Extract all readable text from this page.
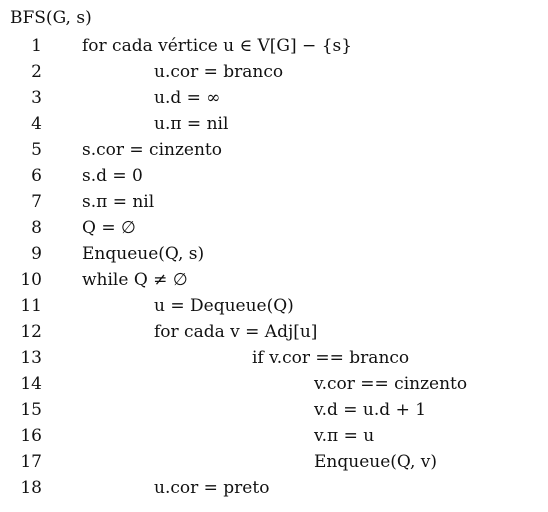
BFS(G, s)
1 for cada vértice u ∈ V[G] − {s}
2	u.cor = branco
3	u.d = ∞
4	u.π = nil
5 s.cor = cinzento
6 s.d = 0
7 s.π = nil
8 Q = ∅
9 Enqueue(Q, s)
10 while Q ≠ ∅
11	u = Dequeue(Q)
12	for cada v = Adj[u]
13	if v.cor == branco
14	v.cor == cinzento
15	v.d = u.d + 1
16	v.π = u
17	Enqueue(Q, v)
18	u.cor = preto
